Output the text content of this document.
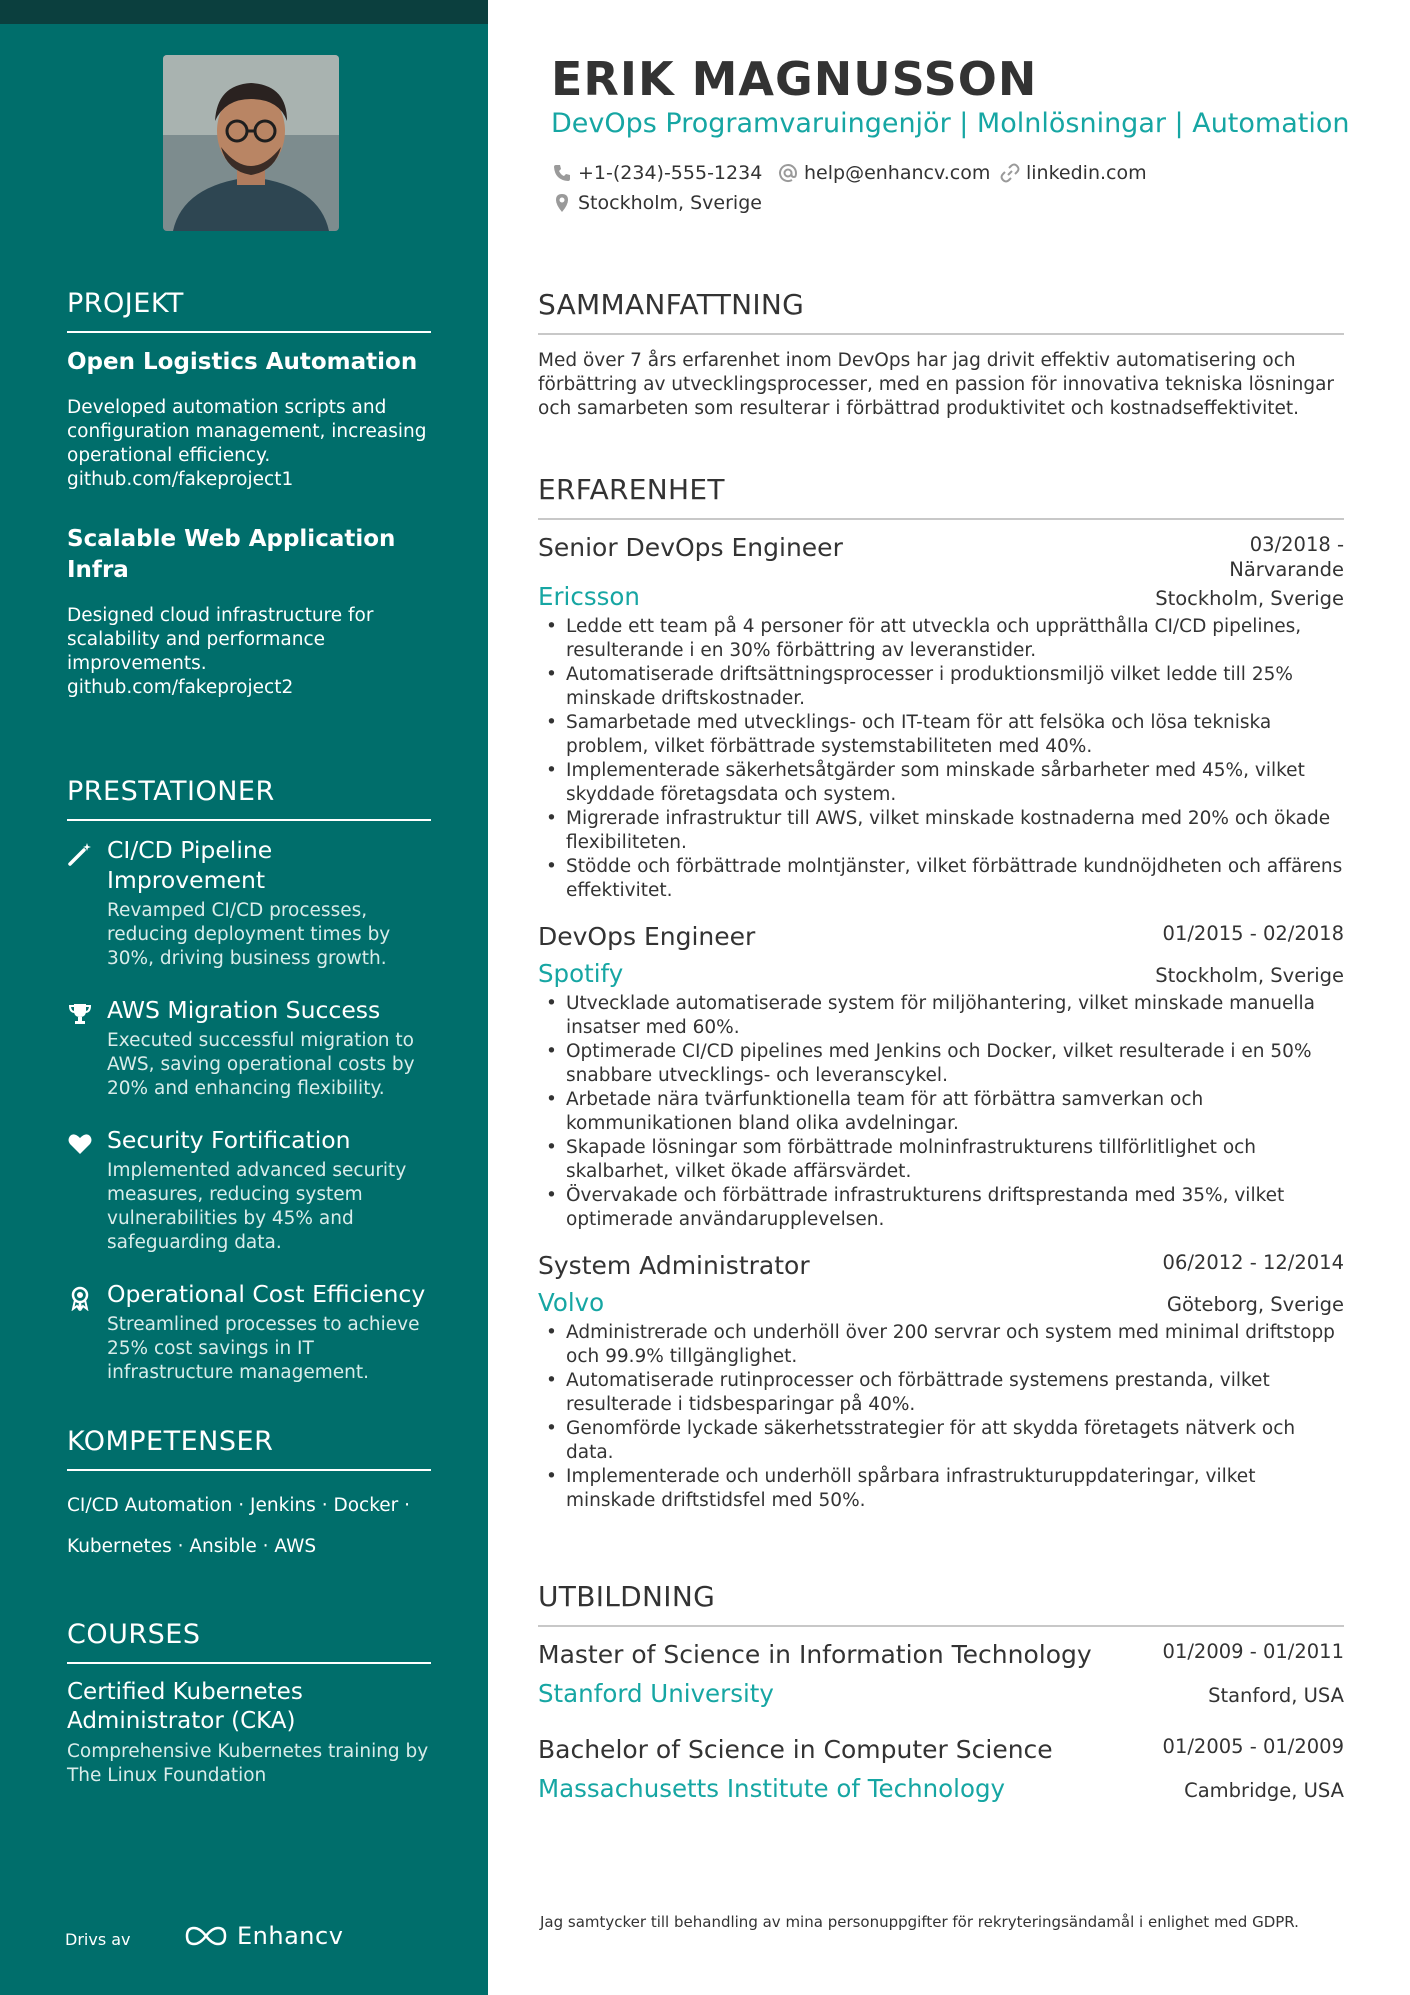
PROJEKT
Open Logistics Automation
Developed automation scripts and configuration management, increasing operational efficiency.
github.com/fakeproject1
Scalable Web Application Infra
Designed cloud infrastructure for scalability and performance improvements.
github.com/fakeproject2
PRESTATIONER
CI/CD Pipeline Improvement
Revamped CI/CD processes, reducing deployment times by 30%, driving business growth.
AWS Migration Success
Executed successful migration to AWS, saving operational costs by 20% and enhancing flexibility.
Security Fortification
Implemented advanced security measures, reducing system vulnerabilities by 45% and safeguarding data.
Operational Cost Efficiency
Streamlined processes to achieve 25% cost savings in IT infrastructure management.
KOMPETENSER
CI/CD Automation · Jenkins · Docker ·
Kubernetes · Ansible · AWS
COURSES
Certified Kubernetes Administrator (CKA)
Comprehensive Kubernetes training by The Linux Foundation
Drivs av	Enhancv
ERIK MAGNUSSON
DevOps Programvaruingenjör | Molnlösningar | Automation
+1-(234)-555-1234 help@enhancv.com linkedin.com
Stockholm, Sverige
SAMMANFATTNING
Med över 7 års erfarenhet inom DevOps har jag drivit effektiv automatisering och förbättring av utvecklingsprocesser, med en passion för innovativa tekniska lösningar och samarbeten som resulterar i förbättrad produktivitet och kostnadseffektivitet.
ERFARENHET
Senior DevOps Engineer	03/2018 -
Närvarande
Ericsson	Stockholm, Sverige
• Ledde ett team på 4 personer för att utveckla och upprätthålla CI/CD pipelines, resulterande i en 30% förbättring av leveranstider.
• Automatiserade driftsättningsprocesser i produktionsmiljö vilket ledde till 25% minskade driftskostnader.
• Samarbetade med utvecklings- och IT-team för att felsöka och lösa tekniska problem, vilket förbättrade systemstabiliteten med 40%.
• Implementerade säkerhetsåtgärder som minskade sårbarheter med 45%, vilket skyddade företagsdata och system.
• Migrerade infrastruktur till AWS, vilket minskade kostnaderna med 20% och ökade flexibiliteten.
• Stödde och förbättrade molntjänster, vilket förbättrade kundnöjdheten och affärens effektivitet.
DevOps Engineer	01/2015 - 02/2018
Spotify	Stockholm, Sverige
• Utvecklade automatiserade system för miljöhantering, vilket minskade manuella insatser med 60%.
• Optimerade CI/CD pipelines med Jenkins och Docker, vilket resulterade i en 50% snabbare utvecklings- och leveranscykel.
• Arbetade nära tvärfunktionella team för att förbättra samverkan och kommunikationen bland olika avdelningar.
• Skapade lösningar som förbättrade molninfrastrukturens tillförlitlighet och skalbarhet, vilket ökade affärsvärdet.
• Övervakade och förbättrade infrastrukturens driftsprestanda med 35%, vilket optimerade användarupplevelsen.
System Administrator	06/2012 - 12/2014
Volvo	Göteborg, Sverige
• Administrerade och underhöll över 200 servrar och system med minimal driftstopp och 99.9% tillgänglighet.
• Automatiserade rutinprocesser och förbättrade systemens prestanda, vilket resulterade i tidsbesparingar på 40%.
• Genomförde lyckade säkerhetsstrategier för att skydda företagets nätverk och data.
• Implementerade och underhöll spårbara infrastrukturuppdateringar, vilket minskade driftstidsfel med 50%.
UTBILDNING
Master of Science in Information Technology	01/2009 - 01/2011
Stanford University	Stanford, USA
Bachelor of Science in Computer Science	01/2005 - 01/2009
Massachusetts Institute of Technology	Cambridge, USA
Jag samtycker till behandling av mina personuppgifter för rekryteringsändamål i enlighet med GDPR.
